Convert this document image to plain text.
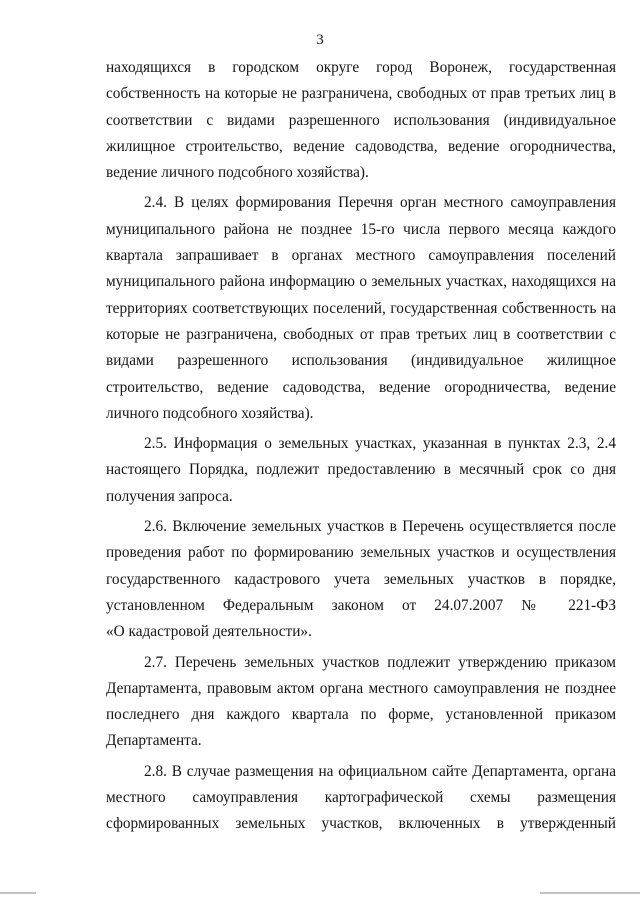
3
находящихся в городском округе город Воронеж, государственная
собственность на которые не разграничена, свободных от прав третьих лиц в
соответствии с видами разрешенного использования (индивидуальное
жилищное строительство, ведение садоводства, ведение огородничества,
ведение личного подсобного хозяйства).
2.4. В целях формирования Перечня орган местного самоуправления
муниципального района не позднее 15-го числа первого месяца каждого
квартала запрашивает в органах местного самоуправления поселений
муниципального района информацию о земельных участках, находящихся на
территориях соответствующих поселений, государственная собственность на
которые не разграничена, свободных от прав третьих лиц в соответствии с
видами разрешенного использования (индивидуальное жилищное
строительство, ведение садоводства, ведение огородничества, ведение
личного подсобного хозяйства).
2.5. Информация о земельных участках, указанная в пунктах 2.3, 2.4
настоящего Порядка, подлежит предоставлению в месячный срок со дня
получения запроса.
2.6. Включение земельных участков в Перечень осуществляется после
проведения работ по формированию земельных участков и осуществления
государственного кадастрового учета земельных участков в порядке,
установленном Федеральным законом от 24.07.2007 № 221-ФЗ
«О кадастровой деятельности».
2.7. Перечень земельных участков подлежит утверждению приказом
Департамента, правовым актом органа местного самоуправления не позднее
последнего дня каждого квартала по форме, установленной приказом
Департамента.
2.8. В случае размещения на официальном сайте Департамента, органа
местного самоуправления картографической схемы размещения
сформированных земельных участков, включенных в утвержденный
